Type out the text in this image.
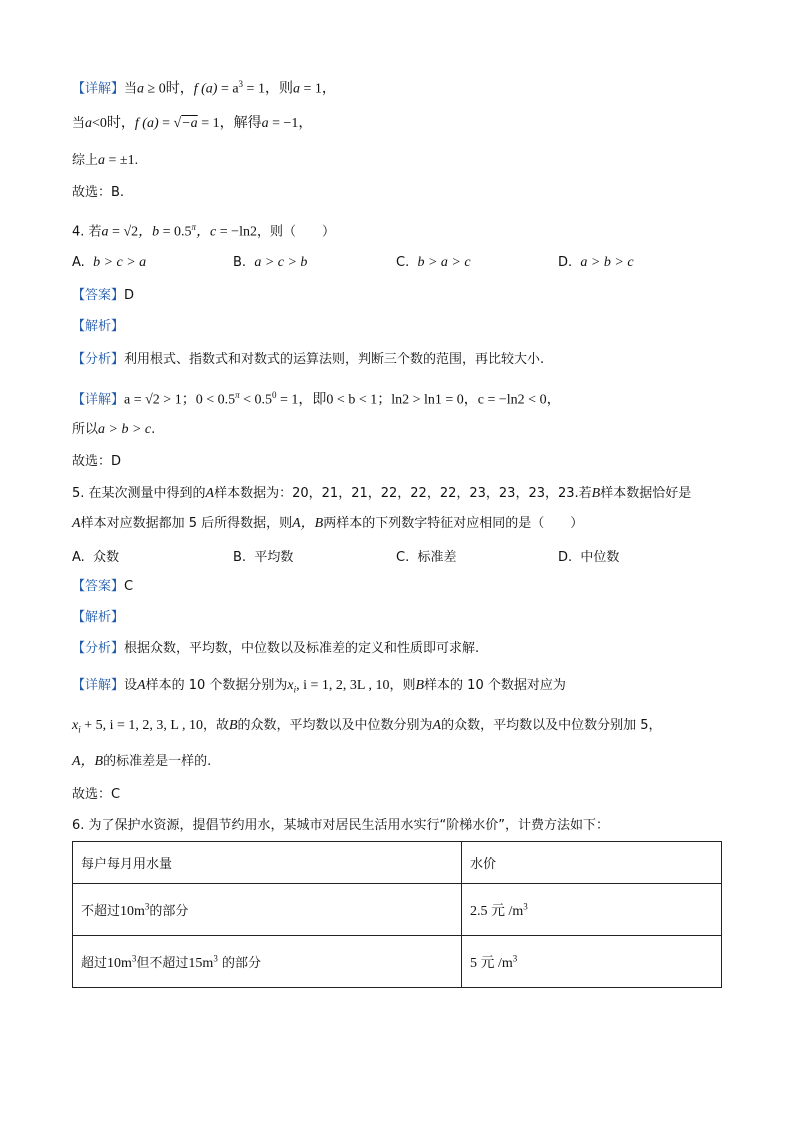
【详解】当a ≥ 0时，f $(a) = a^3 = 1$，则a = 1，
当a<0时，f (a) = √−a = 1，解得a = −1，
综上a = ±1.
故选：B.
4. 若a = √2，$b = 0.5^\pi$，c = −ln2，则（　　）
A. b > c > a	B. a > c > b	C. b > a > c	D. a > b > c
【答案】D
【解析】
【分析】利用根式、指数式和对数式的运算法则，判断三个数的范围，再比较大小.
【详解】a = √2 > 1；$0 < 0.5^\pi < 0.5^0 = 1$，即0 < b < 1；ln2 > ln1 = 0，c = −ln2 < 0，
所以a > b > c.
故选：D
5. 在某次测量中得到的A样本数据为：20，21，21，22，22，22，23，23，23，23.若B样本数据恰好是
A样本对应数据都加 5 后所得数据，则A，B两样本的下列数字特征对应相同的是（　　）
A. 众数	B. 平均数	C. 标准差	D. 中位数
【答案】C
【解析】
【分析】根据众数，平均数，中位数以及标准差的定义和性质即可求解.
【详解】设A样本的 10 个数据分别为$x_i$, i = 1, 2, 3L , 10，则B样本的 10 个数据对应为
$x_i + 5$, i = 1, 2, 3, L , 10，故B的众数，平均数以及中位数分别为A的众数，平均数以及中位数分别加 5，
A，B的标准差是一样的.
故选：C
6. 为了保护水资源，提倡节约用水，某城市对居民生活用水实行“阶梯水价”，计费方法如下：
每户每月用水量	水价
不超过$10m^3$的部分	2.5 元 $/m^3$
超过$10m^3$但不超过$15m^3$ 的部分	5 元 $/m^3$
